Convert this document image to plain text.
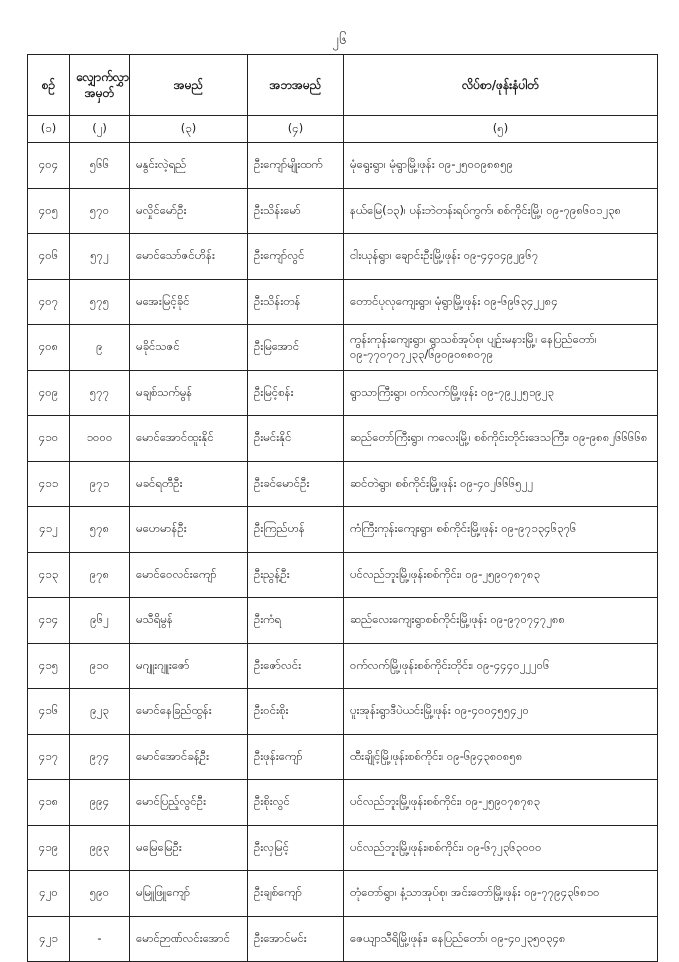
၂၆
စဥ်	လျှောက်လွှာ အမှတ်	အမည်	အဘအမည်	လိပ်စာ/ဖုန်းနံပါတ်
(၁)	(၂)	(၃)	(၄)	(၅)
၄၀၄	၅၆၆	မနွင်းလဲ့ရည်	ဦးကျော်မျိုးထက်	မုံရွေးရွာ၊ မုံရွာမြို့၊ဖုန်း ၀၉-၂၅၀၀၉၈၈၅၉
၄၀၅	၅၇၀	မလှိုင်မော်ဦး	ဦးသိန်းမော်	နယ်မြေ(၁၃)၊ ပန်းဘဲတန်းရပ်ကွက်၊ စစ်ကိုင်းမြို့၊ ၀၉-၇၉၈၆၀၁၂၃၈
၄၀၆	၅၇၂	မောင်သော်ဇင်ဟိန်း	ဦးကျော်လွင်	ငါးယုန်ရွာ၊ ချောင်းဦးမြို့၊ဖုန်း ၀၉-၄၄၀၄၉၂၉၆၇
၄၀၇	၅၇၅	မအေးမြင့်ခိုင်	ဦးသိန်းတန်	တောင်ပုလုကျေးရွာ၊ မုံရွာမြို့၊ဖုန်း ၀၉-၆၉၆၃၄၂၂၈၄
၄၀၈	၉	မခိုင်သဇင်	ဦးမြအောင်	ကွန်းကုန်းကျေးရွာ၊ ရွာသစ်အုပ်စု၊ ပျဉ်းမနားမြို့၊ နေပြည်တော်၊ ၀၉-၇၇၀၇၀၇၂၃၃/၆၉၀၉၀၈၈၀၇၉
၄၀၉	၅၇၇	မချစ်သက်မွန်	ဦးမြင့်စန်း	ရွာသာကြီးရွာ၊ ဝက်လက်မြို့၊ဖုန်း ၀၉-၇၉၂၂၅၁၉၂၃
၄၁၀	၁၀၀၀	မောင်အောင်ထူးနိုင်	ဦးမင်းနိုင်	ဆည်တော်ကြီးရွာ၊ ကလေးမြို့၊ စစ်ကိုင်းတိုင်းဒေသကြီး၊ ၀၉-၉၈၈၂၆၆၆၆၈
၄၁၁	၉၇၁	မခင်ရတီဦး	ဦးခင်မောင်ဦး	ဆင်တဲရွာ၊ စစ်ကိုင်းမြို့၊ဖုန်း ၀၉-၄၀၂၆၆၆၅၂၂
၄၁၂	၅၇၈	မဟေမာန်ဦး	ဦးကြည်ဟန်	ကံကြီးကုန်းကျေးရွာ၊ စစ်ကိုင်းမြို့၊ဖုန်း ၀၉-၉၇၁၃၄၆၃၇၆
၄၁၃	၉၇၈	မောင်ဝေလင်းကျော်	ဦးညွန့်ဦး	ပင်လည်ဘူးမြို့၊ဖုန်းစစ်ကိုင်း၊ ၀၉-၂၅၉၀၇၈၇၈၃
၄၁၄	၉၆၂	မသီရိမွန်	ဦးကံရ	ဆည်လေးကျေးရွာစစ်ကိုင်းမြို့၊ဖုန်း ၀၉-၉၇၀၇၄၇၂၈၈
၄၁၅	၉၁၀	မဂျူးဂျူးဇော်	ဦးဇော်လင်း	ဝက်လက်မြို့၊ဖုန်းစစ်ကိုင်းတိုင်း၊ ၀၉-၄၄၄၀၂၂၂၀၆
၄၁၆	၉၂၃	မောင်နေခြည်ထွန်း	ဦးဝင်းစိုး	ပူးအုန်းရွာဒီပဲယင်းမြို့၊ဖုန်း ၀၉-၄၀၀၄၅၅၄၂၀
၄၁၇	၉၇၄	မောင်အောင်ခန့်ဦး	ဦးဖုန်းကျော်	ထီးချိုင့်မြို့၊ဖုန်းစစ်ကိုင်း၊ ၀၉-၆၉၄၃၈၀၈၅၈
၄၁၈	၉၉၄	မောင်ပြည့်လွင်ဦး	ဦးစိုးလွင်	ပင်လည်ဘူးမြို့၊ဖုန်းစစ်ကိုင်း၊ ၀၉-၂၅၉၀၇၈၇၈၃
၄၁၉	၉၉၃	မမြေမြေဦး	ဦးလှမြင့်	ပင်လည်ဘူးမြို့၊ဖုန်း၊စစ်ကိုင်း၊ ၀၉-၆၇၂၃၆၃၀၀၀
၄၂၀	၅၉၀	မမြူဖြူကျော်	ဦးချစ်ကျော်	တုံတော်ရွာ၊ နံ့သာအုပ်စု၊ အင်းတော်မြို့၊ဖုန်း ၀၉-၇၇၉၄၃၆၈၁၀
၄၂၁	-	မောင်ဉာဏ်လင်းအောင်	ဦးအောင်မင်း	ဇေယျာသီရိမြို့၊ဖုန်း၊ နေပြည်တော်၊ ၀၉-၄၀၂၃၅၀၃၄၈
